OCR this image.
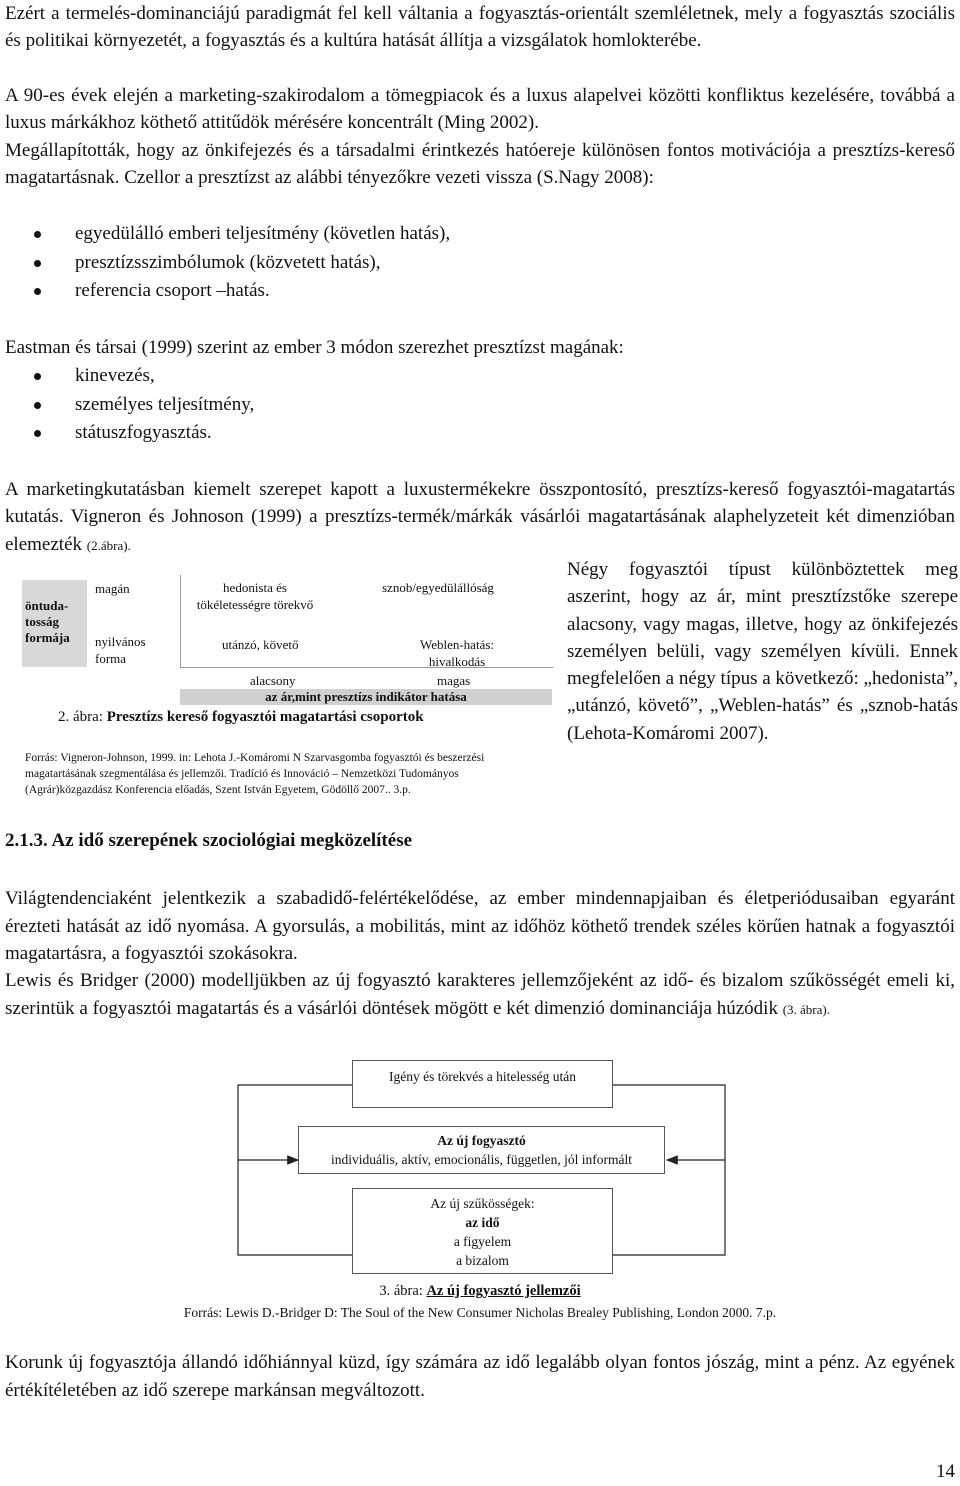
Ezért a termelés-dominanciájú paradigmát fel kell váltania a fogyasztás-orientált szemléletnek, mely a fogyasztás szociális és politikai környezetét, a fogyasztás és a kultúra hatását állítja a vizsgálatok homlokterébe.
A 90-es évek elején a marketing-szakirodalom a tömegpiacok és a luxus alapelvei közötti konfliktus kezelésére, továbbá a luxus márkákhoz köthető attitűdök mérésére koncentrált (Ming 2002).
Megállapították, hogy az önkifejezés és a társadalmi érintkezés hatóereje különösen fontos motivációja a presztízs-kereső magatartásnak. Czellor a presztízst az alábbi tényezőkre vezeti vissza (S.Nagy 2008):
egyedülálló emberi teljesítmény (követlen hatás),
presztízsszimbólumok (közvetett hatás),
referencia csoport –hatás.
Eastman és társai (1999) szerint az ember 3 módon szerezhet presztízst magának:
kinevezés,
személyes teljesítmény,
státuszfogyasztás.
A marketingkutatásban kiemelt szerepet kapott a luxustermékekre összpontosító, presztízs-kereső fogyasztói-magatartás kutatás. Vigneron és Johnoson (1999) a presztízs-termék/márkák vásárlói magatartásának alaphelyzeteit két dimenzióban elemezték (2.ábra).
öntuda-tosság formája
magán
nyilvános forma
hedonista és tökéletességre törekvő
sznob/egyedülállóság
utánzó, követő	Weblen-hatás: hivalkodás
alacsony	magas
az ár,mint presztízs indikátor hatása
2. ábra: Presztízs kereső fogyasztói magatartási csoportok
Forrás: Vigneron-Johnson, 1999. in: Lehota J.-Komáromi N Szarvasgomba fogyasztói és beszerzési magatartásának szegmentálása és jellemzői. Tradíció és Innováció – Nemzetközi Tudományos (Agrár)közgazdász Konferencia előadás, Szent István Egyetem, Gödöllő 2007.. 3.p.
Négy fogyasztói típust különböztettek meg aszerint, hogy az ár, mint presztízstőke szerepe alacsony, vagy magas, illetve, hogy az önkifejezés személyen belüli, vagy személyen kívüli. Ennek megfelelően a négy típus a következő: „hedonista”, „utánzó, követő”, „Weblen-hatás” és „sznob-hatás (Lehota-Komáromi 2007).
2.1.3. Az idő szerepének szociológiai megközelítése
Világtendenciaként jelentkezik a szabadidő-felértékelődése, az ember mindennapjaiban és életperiódusaiban egyaránt érezteti hatását az idő nyomása. A gyorsulás, a mobilitás, mint az időhöz köthető trendek széles körűen hatnak a fogyasztói magatartásra, a fogyasztói szokásokra.
Lewis és Bridger (2000) modelljükben az új fogyasztó karakteres jellemzőjeként az idő- és bizalom szűkösségét emeli ki, szerintük a fogyasztói magatartás és a vásárlói döntések mögött e két dimenzió dominanciája húzódik (3. ábra).
Igény és törekvés a hitelesség után
Az új fogyasztó
individuális, aktív, emocionális, független, jól informált
Az új szűkösségek:
az idő
a figyelem
a bizalom
3. ábra: Az új fogyasztó jellemzői
Forrás: Lewis D.-Bridger D: The Soul of the New Consumer Nicholas Brealey Publishing, London 2000. 7.p.
Korunk új fogyasztója állandó időhiánnyal küzd, így számára az idő legalább olyan fontos jószág, mint a pénz. Az egyének értékítéletében az idő szerepe markánsan megváltozott.
14
